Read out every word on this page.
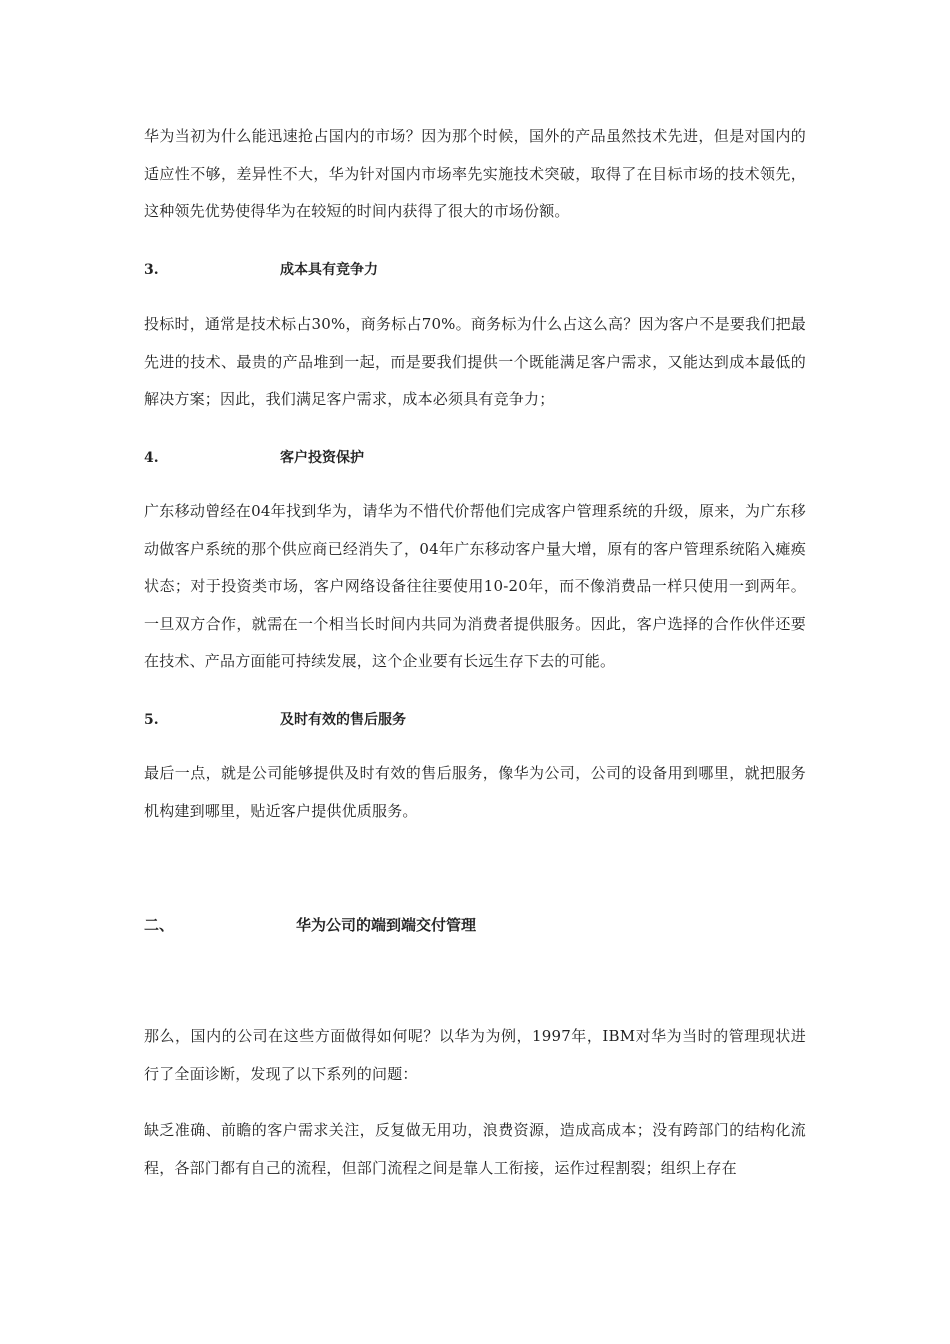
华为当初为什么能迅速抢占国内的市场？因为那个时候，国外的产品虽然技术先进，但是对国内的适应性不够，差异性不大，华为针对国内市场率先实施技术突破，取得了在目标市场的技术领先，这种领先优势使得华为在较短的时间内获得了很大的市场份额。

3.	成本具有竞争力

投标时，通常是技术标占30%，商务标占70%。商务标为什么占这么高？因为客户不是要我们把最先进的技术、最贵的产品堆到一起，而是要我们提供一个既能满足客户需求，又能达到成本最低的解决方案；因此，我们满足客户需求，成本必须具有竞争力；

4.	客户投资保护

广东移动曾经在04年找到华为，请华为不惜代价帮他们完成客户管理系统的升级，原来，为广东移动做客户系统的那个供应商已经消失了，04年广东移动客户量大增，原有的客户管理系统陷入瘫痪状态；对于投资类市场，客户网络设备往往要使用10-20年，而不像消费品一样只使用一到两年。一旦双方合作，就需在一个相当长时间内共同为消费者提供服务。因此，客户选择的合作伙伴还要在技术、产品方面能可持续发展，这个企业要有长远生存下去的可能。

5.	及时有效的售后服务

最后一点，就是公司能够提供及时有效的售后服务，像华为公司，公司的设备用到哪里，就把服务机构建到哪里，贴近客户提供优质服务。

二、	华为公司的端到端交付管理

那么，国内的公司在这些方面做得如何呢？以华为为例，1997年，IBM对华为当时的管理现状进行了全面诊断，发现了以下系列的问题：

缺乏准确、前瞻的客户需求关注，反复做无用功，浪费资源，造成高成本；没有跨部门的结构化流程，各部门都有自己的流程，但部门流程之间是靠人工衔接，运作过程割裂；组织上存在
